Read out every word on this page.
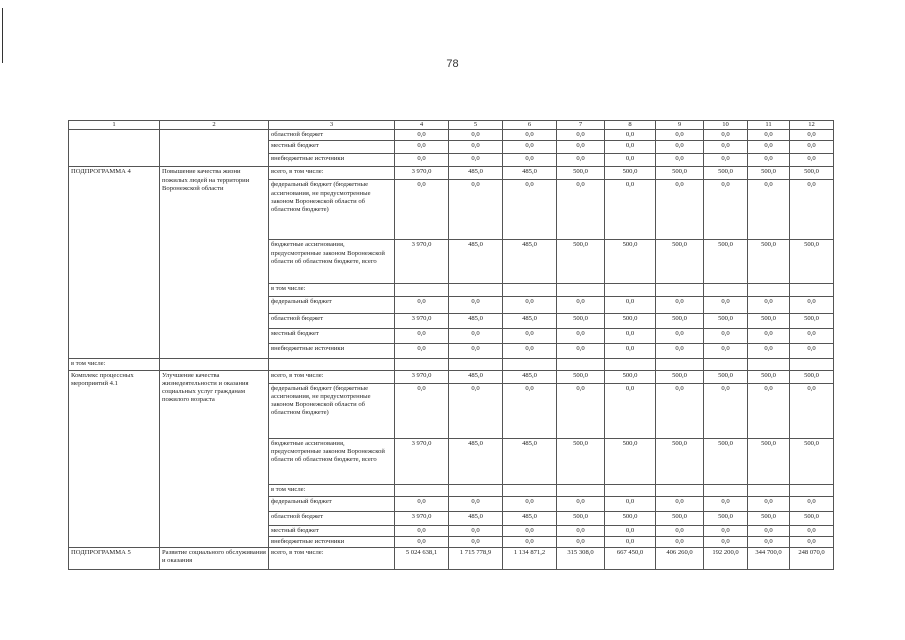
78
1	2	3	4	5	6	7	8	9	10	11	12
		областной бюджет	0,0	0,0	0,0	0,0	0,0	0,0	0,0	0,0	0,0
		местный бюджет	0,0	0,0	0,0	0,0	0,0	0,0	0,0	0,0	0,0
		внебюджетные источники	0,0	0,0	0,0	0,0	0,0	0,0	0,0	0,0	0,0
ПОДПРОГРАММА 4	Повышение качества жизни пожилых людей на территории Воронежской области	всего, в том числе:	3 970,0	485,0	485,0	500,0	500,0	500,0	500,0	500,0	500,0
		федеральный бюджет (бюджетные ассигнования, не предусмотренные законом Воронежской области об областном бюджете)	0,0	0,0	0,0	0,0	0,0	0,0	0,0	0,0	0,0
		бюджетные ассигнования, предусмотренные законом Воронежской области об областном бюджете, всего	3 970,0	485,0	485,0	500,0	500,0	500,0	500,0	500,0	500,0
		в том числе:									
		федеральный бюджет	0,0	0,0	0,0	0,0	0,0	0,0	0,0	0,0	0,0
		областной бюджет	3 970,0	485,0	485,0	500,0	500,0	500,0	500,0	500,0	500,0
		местный бюджет	0,0	0,0	0,0	0,0	0,0	0,0	0,0	0,0	0,0
		внебюджетные источники	0,0	0,0	0,0	0,0	0,0	0,0	0,0	0,0	0,0
в том числе:											
Комплекс процессных мероприятий 4.1	Улучшение качества жизнедеятельности и оказания социальных услуг гражданам пожилого возраста	всего, в том числе:	3 970,0	485,0	485,0	500,0	500,0	500,0	500,0	500,0	500,0
		федеральный бюджет (бюджетные ассигнования, не предусмотренные законом Воронежской области об областном бюджете)	0,0	0,0	0,0	0,0	0,0	0,0	0,0	0,0	0,0
		бюджетные ассигнования, предусмотренные законом Воронежской области об областном бюджете, всего	3 970,0	485,0	485,0	500,0	500,0	500,0	500,0	500,0	500,0
		в том числе:									
		федеральный бюджет	0,0	0,0	0,0	0,0	0,0	0,0	0,0	0,0	0,0
		областной бюджет	3 970,0	485,0	485,0	500,0	500,0	500,0	500,0	500,0	500,0
		местный бюджет	0,0	0,0	0,0	0,0	0,0	0,0	0,0	0,0	0,0
		внебюджетные источники	0,0	0,0	0,0	0,0	0,0	0,0	0,0	0,0	0,0
ПОДПРОГРАММА 5	Развитие социального обслуживания и оказания	всего, в том числе:	5 024 638,1	1 715 778,9	1 134 871,2	315 308,0	667 450,0	406 260,0	192 200,0	344 700,0	248 070,0
